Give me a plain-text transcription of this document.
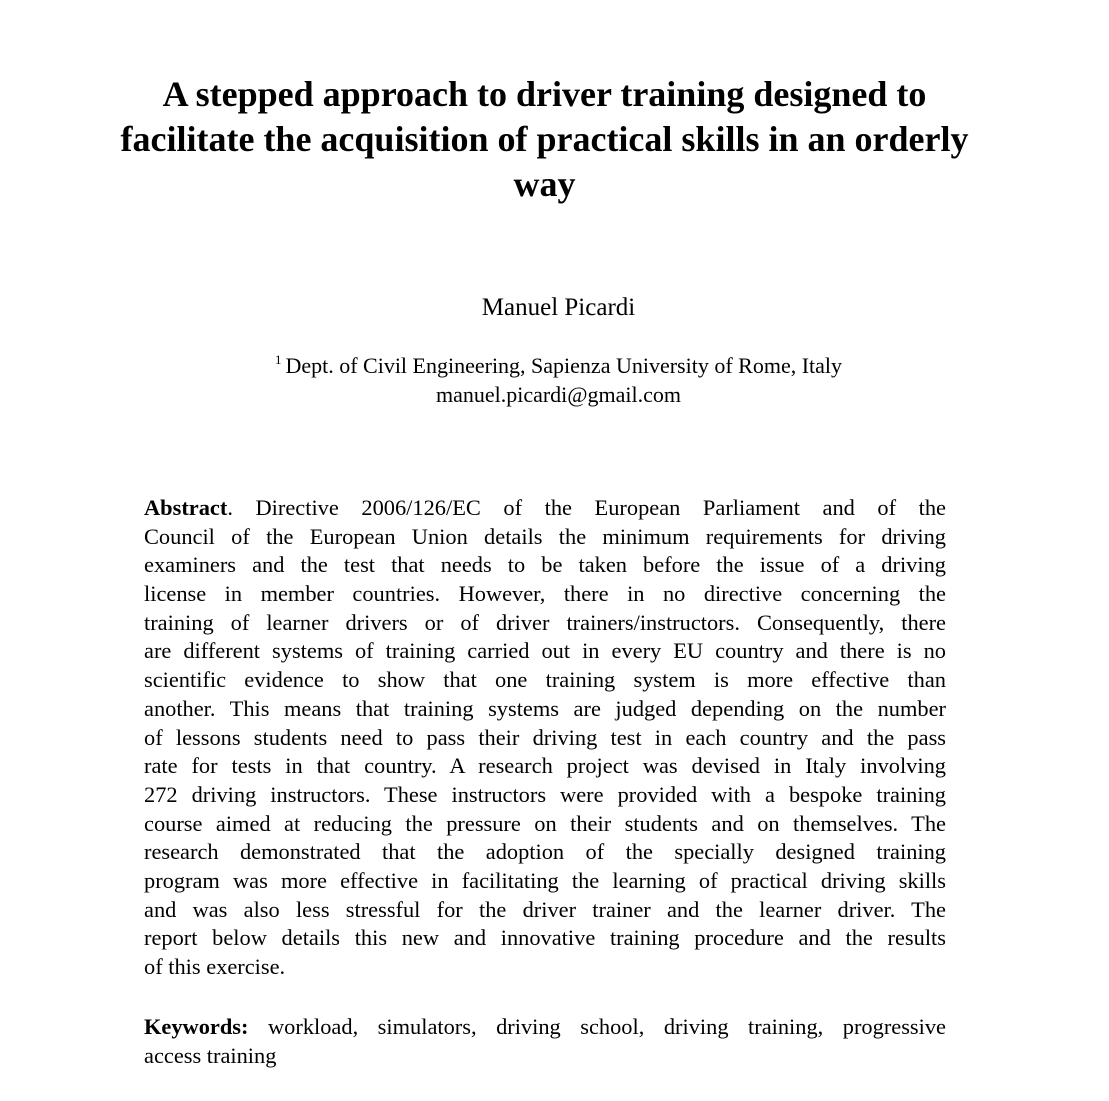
A stepped approach to driver training designed to
facilitate the acquisition of practical skills in an orderly
way
Manuel Picardi
$^1$ Dept. of Civil Engineering, Sapienza University of Rome, Italy
manuel.picardi@gmail.com
Abstract. Directive 2006/126/EC of the European Parliament and of the
Council of the European Union details the minimum requirements for driving
examiners and the test that needs to be taken before the issue of a driving
license in member countries. However, there in no directive concerning the
training of learner drivers or of driver trainers/instructors. Consequently, there
are different systems of training carried out in every EU country and there is no
scientific evidence to show that one training system is more effective than
another. This means that training systems are judged depending on the number
of lessons students need to pass their driving test in each country and the pass
rate for tests in that country. A research project was devised in Italy involving
272 driving instructors. These instructors were provided with a bespoke training
course aimed at reducing the pressure on their students and on themselves. The
research demonstrated that the adoption of the specially designed training
program was more effective in facilitating the learning of practical driving skills
and was also less stressful for the driver trainer and the learner driver. The
report below details this new and innovative training procedure and the results
of this exercise.
Keywords: workload, simulators, driving school, driving training, progressive
access training
